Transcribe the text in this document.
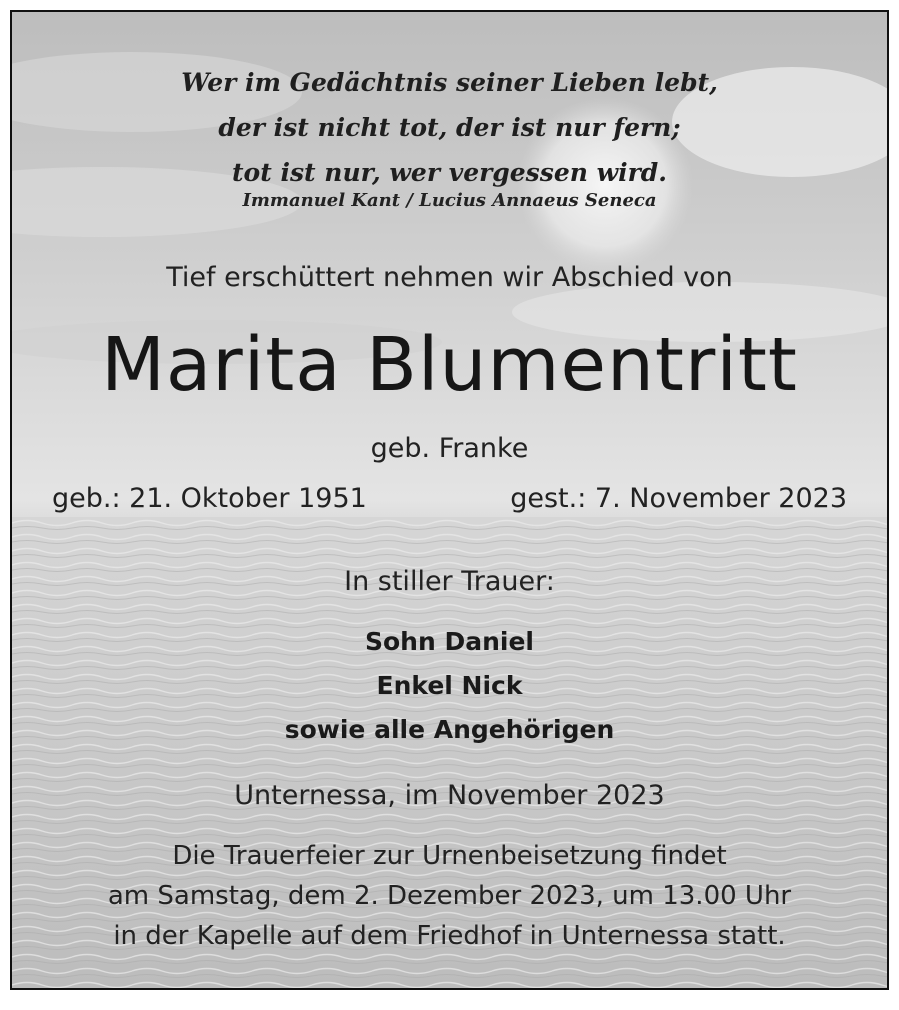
Wer im Gedächtnis seiner Lieben lebt,
der ist nicht tot, der ist nur fern;
tot ist nur, wer vergessen wird.
Immanuel Kant / Lucius Annaeus Seneca
Tief erschüttert nehmen wir Abschied von
Marita Blumentritt
geb. Franke
geb.: 21. Oktober 1951	gest.: 7. November 2023
In stiller Trauer:
Sohn Daniel
Enkel Nick
sowie alle Angehörigen
Unternessa, im November 2023
Die Trauerfeier zur Urnenbeisetzung findet
am Samstag, dem 2. Dezember 2023, um 13.00 Uhr
in der Kapelle auf dem Friedhof in Unternessa statt.
